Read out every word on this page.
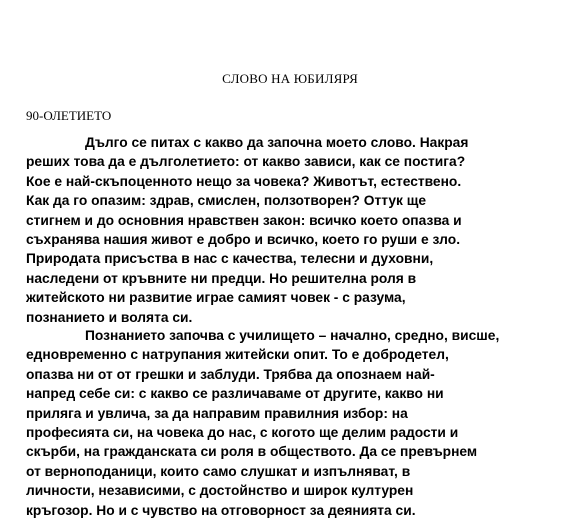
СЛОВО НА ЮБИЛЯРЯ
90-ОЛЕТИЕТО

Дълго се питах с какво да започна моето слово. Накрая
реших това да е дълголетието: от какво зависи, как се постига?
Кое е най-скъпоценното нещо за човека? Животът, естествено.
Как да го опазим: здрав, смислен, ползотворен? Оттук ще
стигнем и до основния нравствен закон: всичко което опазва и
съхранява нашия живот е добро и всичко, което го руши е зло.
Природата присъства в нас с качества, телесни и духовни,
наследени от кръвните ни предци. Но решителна роля в
житейското ни развитие играе самият човек - с разума,
познанието и волята си.

Познанието започва с училището – начално, средно, висше,
едновременно с натрупания житейски опит. То е добродетел,
опазва ни от от грешки и заблуди. Трябва да опознаем най-
напред себе си: с какво се различаваме от другите, какво ни
приляга и увлича, за да направим правилния избор: на
професията си, на човека до нас, с когото ще делим радости и
скърби, на гражданската си роля в обществото. Да се превърнем
от верноподаници, които само слушкат и изпълняват, в
личности, независими, с достойнство и широк културен
кръгозор. Но и с чувство на отговорност за деянията си.
